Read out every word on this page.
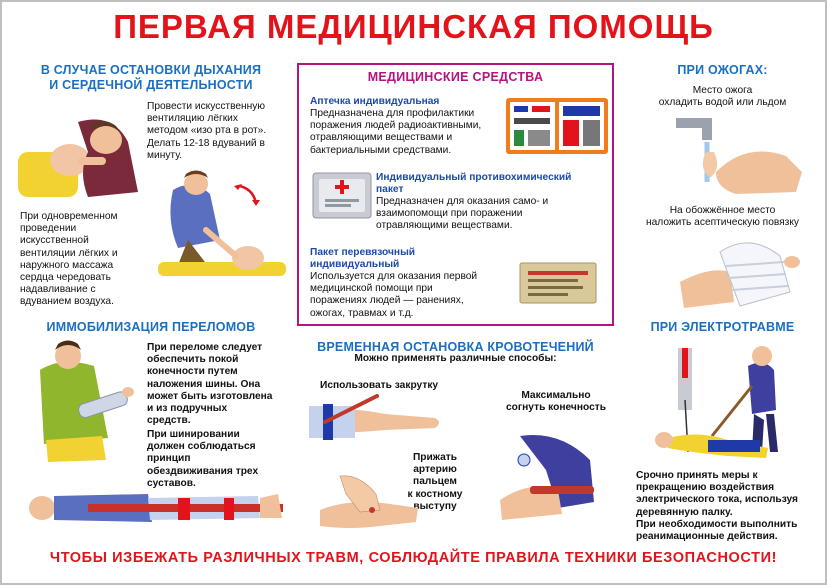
ПЕРВАЯ МЕДИЦИНСКАЯ ПОМОЩЬ
В СЛУЧАЕ ОСТАНОВКИ ДЫХАНИЯ
И СЕРДЕЧНОЙ ДЕЯТЕЛЬНОСТИ
Провести искусственную
вентиляцию лёгких
методом «изо рта в рот».
Делать 12-18 вдуваний в
минуту.
При одновременном
проведении
искусственной
вентиляции лёгких и
наружного массажа
сердца чередовать
надавливание с
вдуванием воздуха.
ИММОБИЛИЗАЦИЯ ПЕРЕЛОМОВ
При переломе следует
обеспечить покой
конечности путем
наложения шины. Она
может быть изготовлена
и из подручных
средств.
При шинировании
должен соблюдаться
принцип
обездвиживания трех
суставов.
МЕДИЦИНСКИЕ СРЕДСТВА
Аптечка индивидуальная
Предназначена для профилактики
поражения людей радиоактивными,
отравляющими веществами и
бактериальными средствами.
Индивидуальный противохимический
пакет
Предназначен для оказания само- и
взаимопомощи при поражении
отравляющими веществами.
Пакет перевязочный
индивидуальный
Используется для оказания первой
медицинской помощи при
поражениях людей — ранениях,
ожогах, травмах и т.д.
ВРЕМЕННАЯ ОСТАНОВКА КРОВОТЕЧЕНИЙ
Можно применять различные способы:
Использовать закрутку
Максимально
согнуть конечность
Прижать
артерию
пальцем
к костному
выступу
ПРИ ОЖОГАХ:
Место ожога
охладить водой или льдом
На обожжённое место
наложить асептическую повязку
ПРИ ЭЛЕКТРОТРАВМЕ
Срочно принять меры к
прекращению воздействия
электрического тока, используя
деревянную палку.
При необходимости выполнить
реанимационные действия.
ЧТОБЫ ИЗБЕЖАТЬ РАЗЛИЧНЫХ ТРАВМ, СОБЛЮДАЙТЕ ПРАВИЛА ТЕХНИКИ БЕЗОПАСНОСТИ!
